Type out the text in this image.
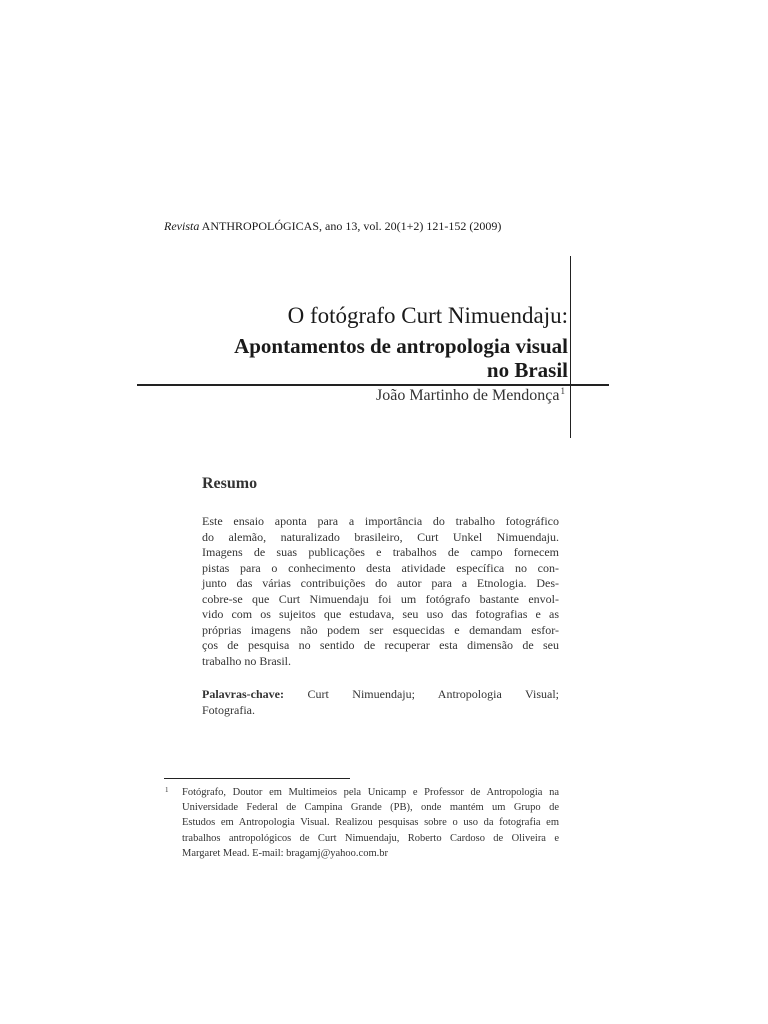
Revista ANTHROPOLÓGICAS, ano 13, vol. 20(1+2) 121-152 (2009)
O fotógrafo Curt Nimuendaju:
Apontamentos de antropologia visual
no Brasil
João Martinho de Mendonça$^1$
Resumo
Este ensaio aponta para a importância do trabalho fotográfico
do alemão, naturalizado brasileiro, Curt Unkel Nimuendaju.
Imagens de suas publicações e trabalhos de campo fornecem
pistas para o conhecimento desta atividade específica no con-
junto das várias contribuições do autor para a Etnologia. Des-
cobre-se que Curt Nimuendaju foi um fotógrafo bastante envol-
vido com os sujeitos que estudava, seu uso das fotografias e as
próprias imagens não podem ser esquecidas e demandam esfor-
ços de pesquisa no sentido de recuperar esta dimensão de seu
trabalho no Brasil.
Palavras-chave: Curt Nimuendaju; Antropologia Visual;
Fotografia.
1 Fotógrafo, Doutor em Multimeios pela Unicamp e Professor de Antropologia na
Universidade Federal de Campina Grande (PB), onde mantém um Grupo de
Estudos em Antropologia Visual. Realizou pesquisas sobre o uso da fotografia em
trabalhos antropológicos de Curt Nimuendaju, Roberto Cardoso de Oliveira e
Margaret Mead. E-mail: bragamj@yahoo.com.br
